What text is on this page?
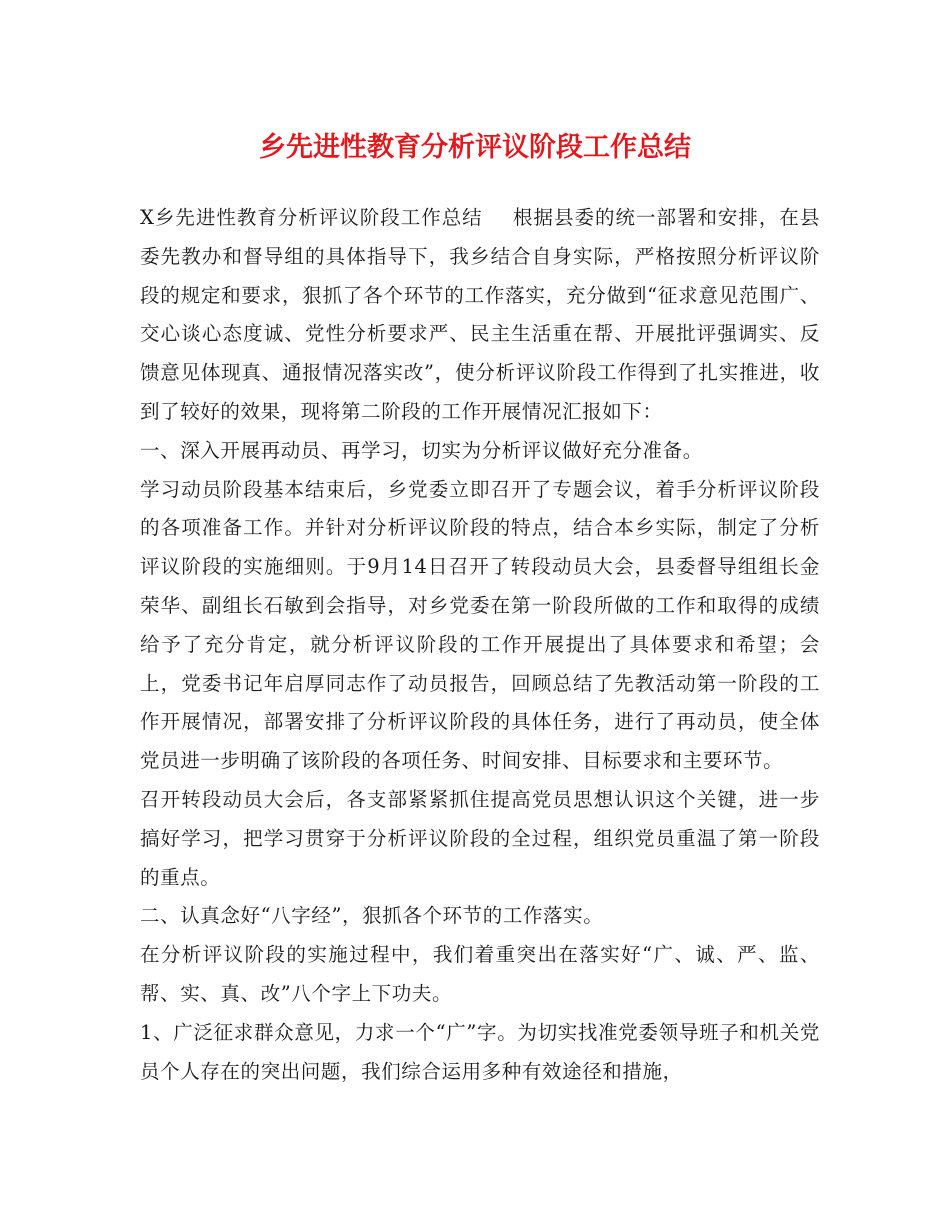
乡先进性教育分析评议阶段工作总结

X乡先进性教育分析评议阶段工作总结 根据县委的统一部署和安排，在县委先教办和督导组的具体指导下，我乡结合自身实际，严格按照分析评议阶段的规定和要求，狠抓了各个环节的工作落实，充分做到“征求意见范围广、交心谈心态度诚、党性分析要求严、民主生活重在帮、开展批评强调实、反馈意见体现真、通报情况落实改”，使分析评议阶段工作得到了扎实推进，收到了较好的效果，现将第二阶段的工作开展情况汇报如下：

一、深入开展再动员、再学习，切实为分析评议做好充分准备。

学习动员阶段基本结束后，乡党委立即召开了专题会议，着手分析评议阶段的各项准备工作。并针对分析评议阶段的特点，结合本乡实际，制定了分析评议阶段的实施细则。于9月14日召开了转段动员大会，县委督导组组长金荣华、副组长石敏到会指导，对乡党委在第一阶段所做的工作和取得的成绩给予了充分肯定，就分析评议阶段的工作开展提出了具体要求和希望；会上，党委书记年启厚同志作了动员报告，回顾总结了先教活动第一阶段的工作开展情况，部署安排了分析评议阶段的具体任务，进行了再动员，使全体党员进一步明确了该阶段的各项任务、时间安排、目标要求和主要环节。

召开转段动员大会后，各支部紧紧抓住提高党员思想认识这个关键，进一步搞好学习，把学习贯穿于分析评议阶段的全过程，组织党员重温了第一阶段的重点。

二、认真念好“八字经”，狠抓各个环节的工作落实。

在分析评议阶段的实施过程中，我们着重突出在落实好“广、诚、严、监、帮、实、真、改”八个字上下功夫。

1、广泛征求群众意见，力求一个“广”字。为切实找准党委领导班子和机关党员个人存在的突出问题，我们综合运用多种有效途径和措施，
